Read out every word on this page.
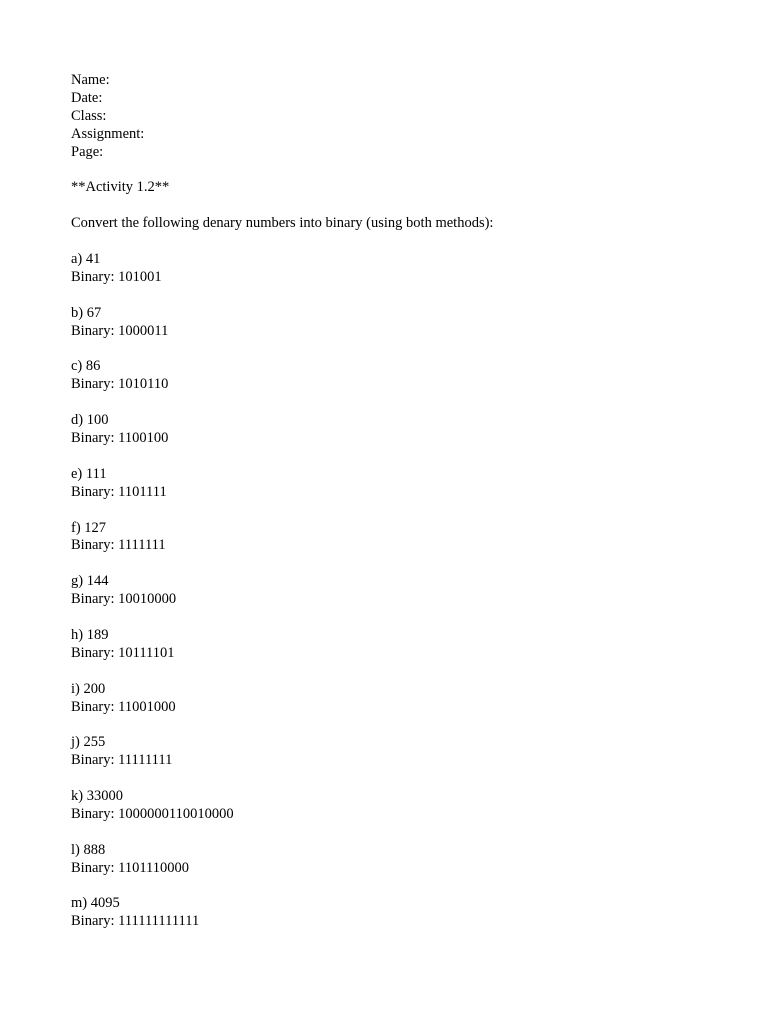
Name:
Date:
Class:
Assignment:
Page:
**Activity 1.2**
Convert the following denary numbers into binary (using both methods):
a) 41
Binary: 101001
b) 67
Binary: 1000011
c) 86
Binary: 1010110
d) 100
Binary: 1100100
e) 111
Binary: 1101111
f) 127
Binary: 1111111
g) 144
Binary: 10010000
h) 189
Binary: 10111101
i) 200
Binary: 11001000
j) 255
Binary: 11111111
k) 33000
Binary: 1000000110010000
l) 888
Binary: 1101110000
m) 4095
Binary: 111111111111
